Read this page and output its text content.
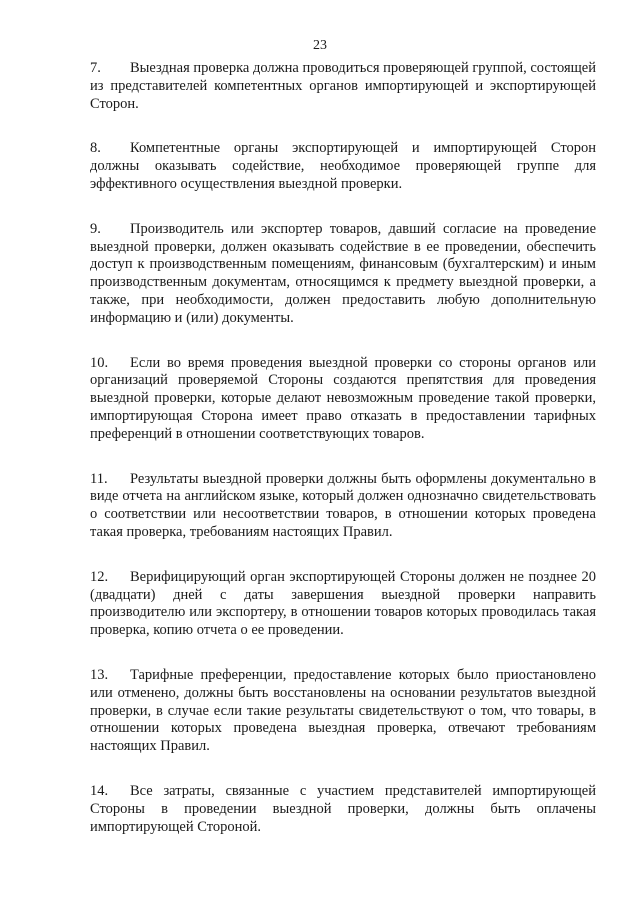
23

7. Выездная проверка должна проводиться проверяющей группой, состоящей из представителей компетентных органов импортирующей и экспортирующей Сторон.

8. Компетентные органы экспортирующей и импортирующей Сторон должны оказывать содействие, необходимое проверяющей группе для эффективного осуществления выездной проверки.

9. Производитель или экспортер товаров, давший согласие на проведение выездной проверки, должен оказывать содействие в ее проведении, обеспечить доступ к производственным помещениям, финансовым (бухгалтерским) и иным производственным документам, относящимся к предмету выездной проверки, а также, при необходимости, должен предоставить любую дополнительную информацию и (или) документы.

10. Если во время проведения выездной проверки со стороны органов или организаций проверяемой Стороны создаются препятствия для проведения выездной проверки, которые делают невозможным проведение такой проверки, импортирующая Сторона имеет право отказать в предоставлении тарифных преференций в отношении соответствующих товаров.

11. Результаты выездной проверки должны быть оформлены документально в виде отчета на английском языке, который должен однозначно свидетельствовать о соответствии или несоответствии товаров, в отношении которых проведена такая проверка, требованиям настоящих Правил.

12. Верифицирующий орган экспортирующей Стороны должен не позднее 20 (двадцати) дней с даты завершения выездной проверки направить производителю или экспортеру, в отношении товаров которых проводилась такая проверка, копию отчета о ее проведении.

13. Тарифные преференции, предоставление которых было приостановлено или отменено, должны быть восстановлены на основании результатов выездной проверки, в случае если такие результаты свидетельствуют о том, что товары, в отношении которых проведена выездная проверка, отвечают требованиям настоящих Правил.

14. Все затраты, связанные с участием представителей импортирующей Стороны в проведении выездной проверки, должны быть оплачены импортирующей Стороной.
